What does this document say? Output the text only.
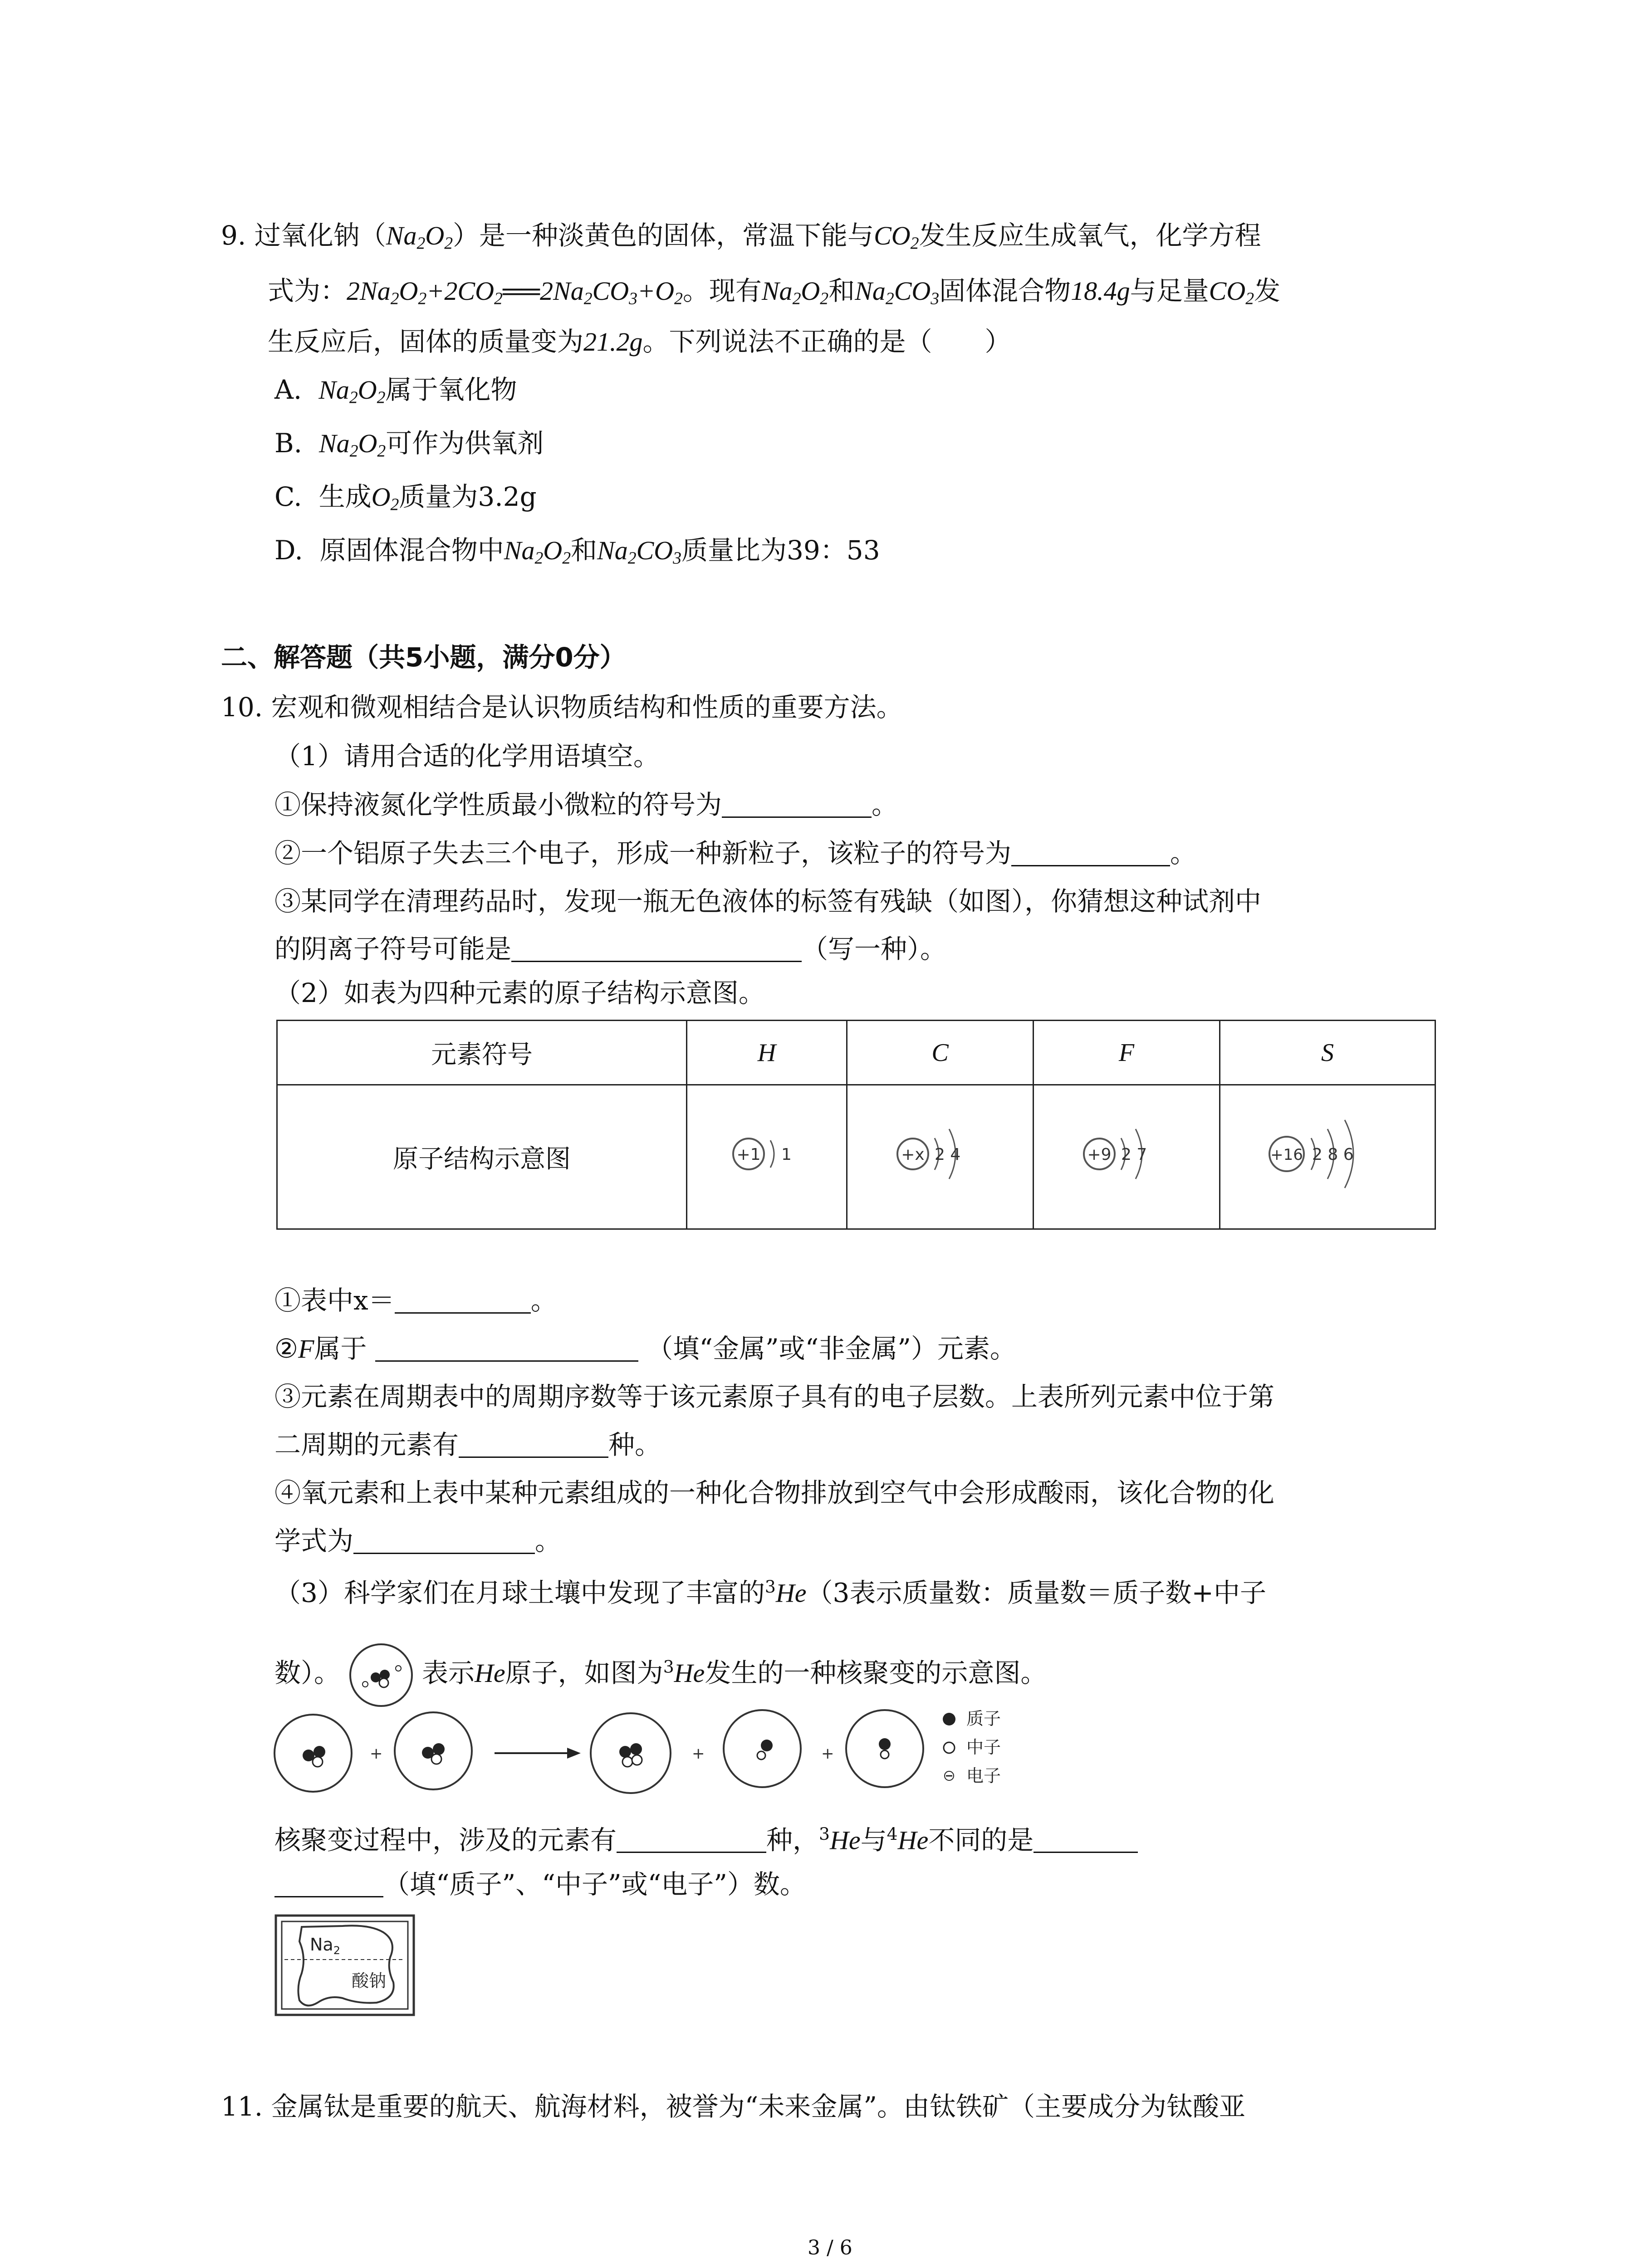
9. 过氧化钠$(Na_2O_2)$是一种淡黄色的固体，常温下能与$CO_2$发生反应生成氧气，化学方程
式为：$2Na_2O_2+2CO_2══2Na_2CO_3+O_2$。现有$Na_2O_2$和$Na_2CO_3$固体混合物18.4g与足量$CO_2$发
生反应后，固体的质量变为21.2g。下列说法不正确的是（　　）
A. $Na_2O_2$属于氧化物
B. $Na_2O_2$可作为供氧剂
C. 生成$O_2$质量为3.2g
D. 原固体混合物中$Na_2O_2$和$Na_2CO_3$质量比为39：53
二、解答题（共5小题，满分0分）
10. 宏观和微观相结合是认识物质结构和性质的重要方法。
（1）请用合适的化学用语填空。
①保持液氮化学性质最小微粒的符号为	。
②一个铝原子失去三个电子，形成一种新粒子，该粒子的符号为	。
③某同学在清理药品时，发现一瓶无色液体的标签有残缺（如图），你猜想这种试剂中
的阴离子符号可能是	（写一种）。
（2）如表为四种元素的原子结构示意图。
元素符号	H	C	F	S
原子结构示意图	+1 1	+x 2 4	+9 2 7	+16 2 8 6
①表中x＝	。
②F属于	（填“金属”或“非金属”）元素。
③元素在周期表中的周期序数等于该元素原子具有的电子层数。上表所列元素中位于第
二周期的元素有	种。
④氧元素和上表中某种元素组成的一种化合物排放到空气中会形成酸雨，该化合物的化
学式为	。
（3）科学家们在月球土壤中发现了丰富的$^3$He（3表示质量数：质量数＝质子数+中子
数）。	表示He原子，如图为$^3$He发生的一种核聚变的示意图。
+	+	+
质子
中子
电子
核聚变过程中，涉及的元素有	种，$^3$He与$^4$He不同的是
（填“质子”、“中子”或“电子”）数。
$Na_2$
酸钠
11. 金属钛是重要的航天、航海材料，被誉为“未来金属”。由钛铁矿（主要成分为钛酸亚
3 / 6
